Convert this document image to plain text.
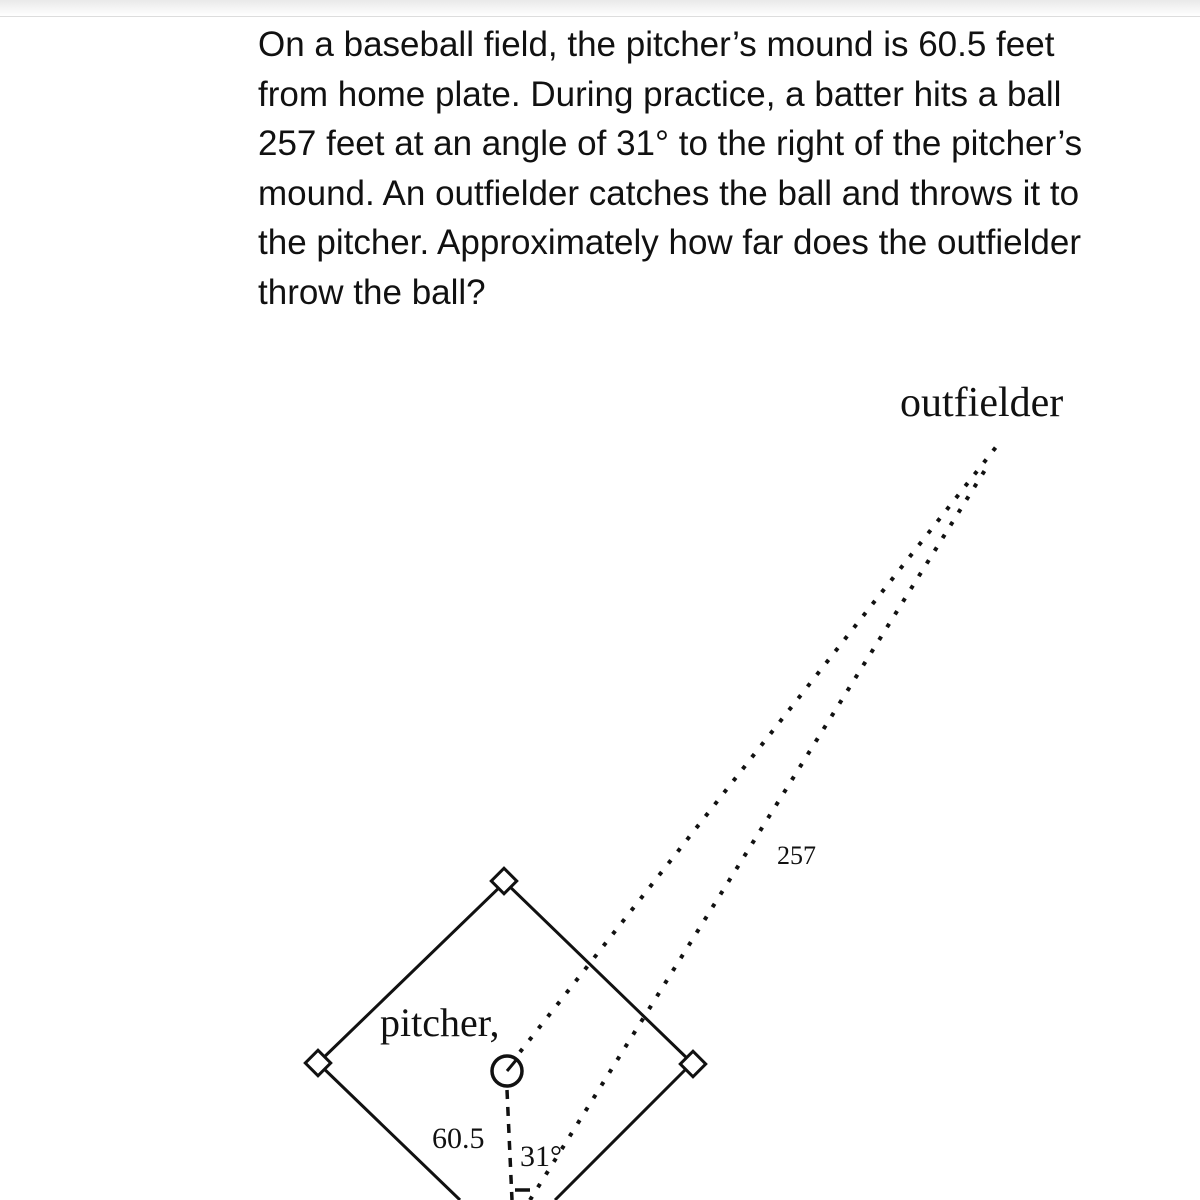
On a baseball field, the pitcher’s mound is 60.5 feet
from home plate. During practice, a batter hits a ball
257 feet at an angle of 31° to the right of the pitcher’s
mound. An outfielder catches the ball and throws it to
the pitcher. Approximately how far does the outfielder
throw the ball?
outfielder
pitcher,
257
60.5
31°
